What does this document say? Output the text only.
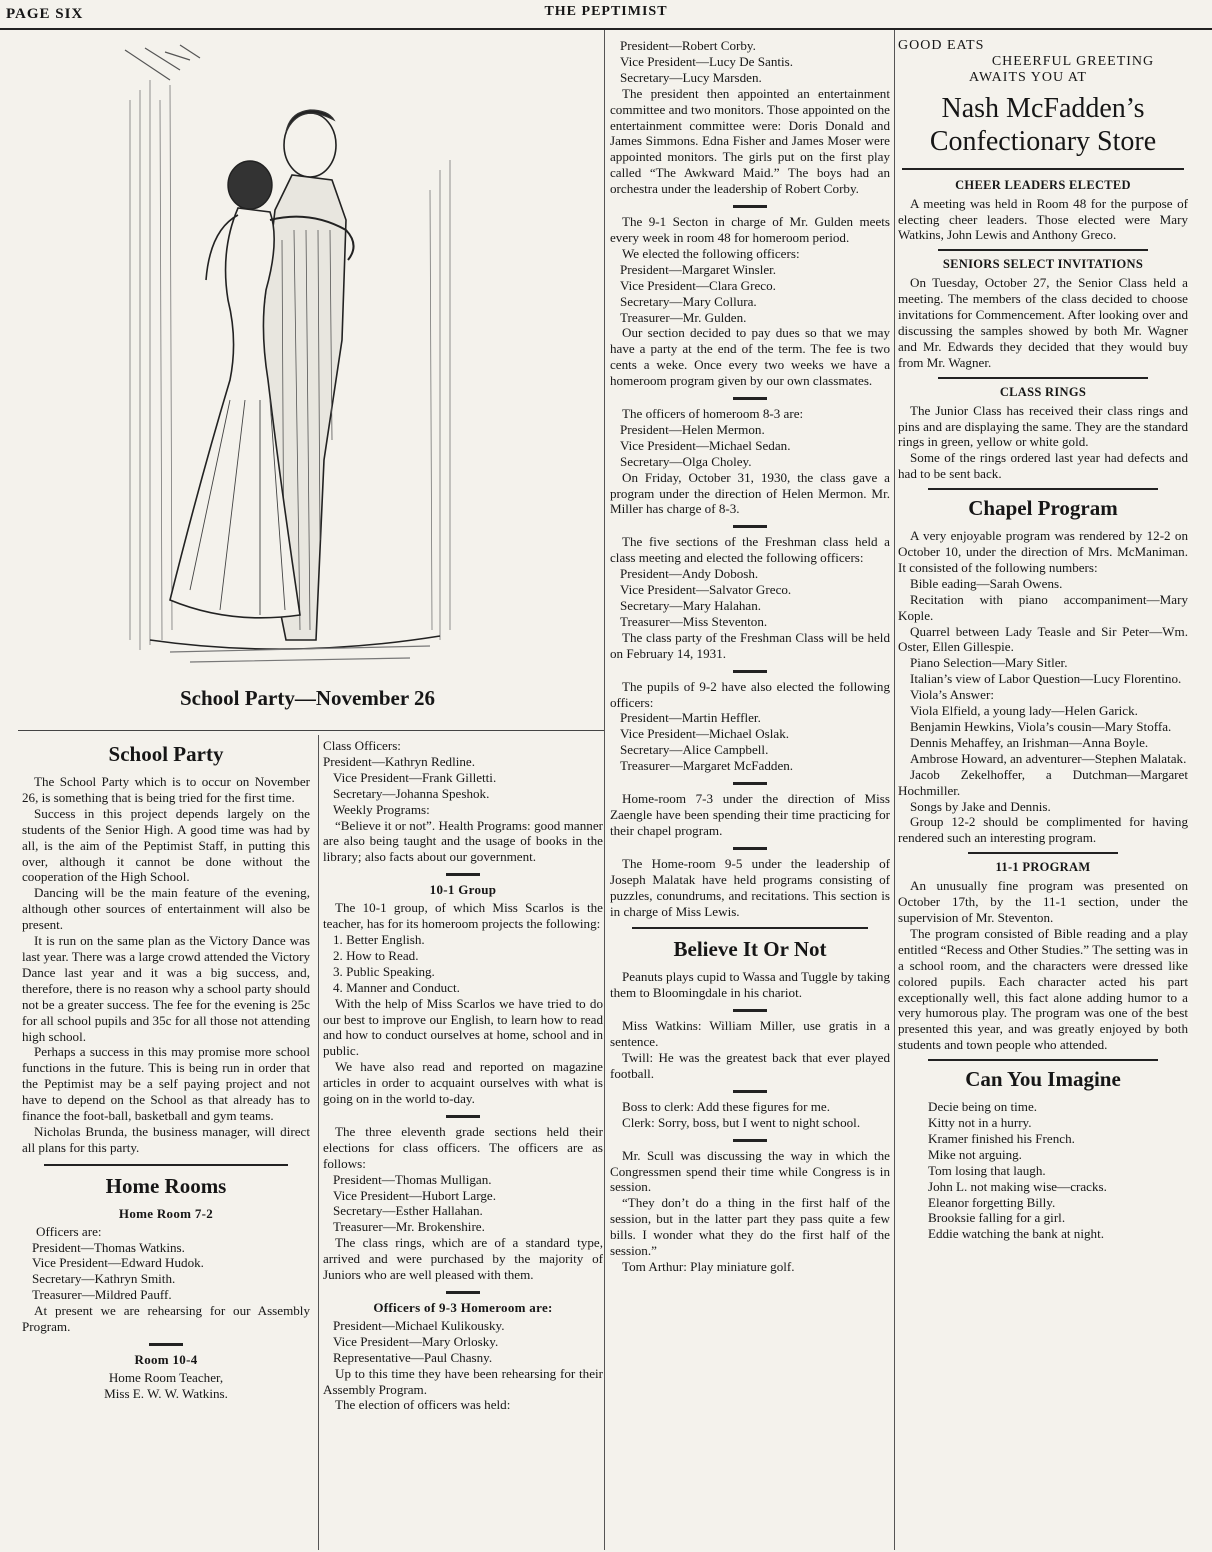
PAGE SIX	THE PEPTIMIST
School Party—November 26
School Party

The School Party which is to occur on November 26, is something that is being tried for the first time.

Success in this project depends largely on the students of the Senior High. A good time was had by all, is the aim of the Peptimist Staff, in putting this over, although it cannot be done without the cooperation of the High School.

Dancing will be the main feature of the evening, although other sources of entertainment will also be present.

It is run on the same plan as the Victory Dance was last year. There was a large crowd attended the Victory Dance last year and it was a big success, and, therefore, there is no reason why a school party should not be a greater success. The fee for the evening is 25c for all school pupils and 35c for all those not attending high school.

Perhaps a success in this may promise more school functions in the future. This is being run in order that the Peptimist may be a self paying project and not have to depend on the School as that already has to finance the foot-ball, basketball and gym teams.

Nicholas Brunda, the business manager, will direct all plans for this party.

Home Rooms
Home Room 7-2

Officers are:

President—Thomas Watkins.

Vice President—Edward Hudok.

Secretary—Kathryn Smith.

Treasurer—Mildred Pauff.

At present we are rehearsing for our Assembly Program.

Room 10-4

Home Room Teacher,

Miss E. W. W. Watkins.

Class Officers:

President—Kathryn Redline.

Vice President—Frank Gilletti.

Secretary—Johanna Speshok.

Weekly Programs:

“Believe it or not”. Health Programs: good manner are also being taught and the usage of books in the library; also facts about our government.

10-1 Group

The 10-1 group, of which Miss Scarlos is the teacher, has for its homeroom projects the following:

1. Better English.

2. How to Read.

3. Public Speaking.

4. Manner and Conduct.

With the help of Miss Scarlos we have tried to do our best to improve our English, to learn how to read and how to conduct ourselves at home, school and in public.

We have also read and reported on magazine articles in order to acquaint ourselves with what is going on in the world to-day.

The three eleventh grade sections held their elections for class officers. The officers are as follows:

President—Thomas Mulligan.

Vice President—Hubort Large.

Secretary—Esther Hallahan.

Treasurer—Mr. Brokenshire.

The class rings, which are of a standard type, arrived and were purchased by the majority of Juniors who are well pleased with them.

Officers of 9-3 Homeroom are:

President—Michael Kulikousky.

Vice President—Mary Orlosky.

Representative—Paul Chasny.

Up to this time they have been rehearsing for their Assembly Program.

The election of officers was held:

President—Robert Corby.

Vice President—Lucy De Santis.

Secretary—Lucy Marsden.

The president then appointed an entertainment committee and two monitors. Those appointed on the entertainment committee were: Doris Donald and James Simmons. Edna Fisher and James Moser were appointed monitors. The girls put on the first play called “The Awkward Maid.” The boys had an orchestra under the leadership of Robert Corby.

The 9-1 Secton in charge of Mr. Gulden meets every week in room 48 for homeroom period.

We elected the following officers:

President—Margaret Winsler.

Vice President—Clara Greco.

Secretary—Mary Collura.

Treasurer—Mr. Gulden.

Our section decided to pay dues so that we may have a party at the end of the term. The fee is two cents a weke. Once every two weeks we have a homeroom program given by our own classmates.

The officers of homeroom 8-3 are:

President—Helen Mermon.

Vice President—Michael Sedan.

Secretary—Olga Choley.

On Friday, October 31, 1930, the class gave a program under the direction of Helen Mermon. Mr. Miller has charge of 8-3.

The five sections of the Freshman class held a class meeting and elected the following officers:

President—Andy Dobosh.

Vice President—Salvator Greco.

Secretary—Mary Halahan.

Treasurer—Miss Steventon.

The class party of the Freshman Class will be held on February 14, 1931.

The pupils of 9-2 have also elected the following officers:

President—Martin Heffler.

Vice President—Michael Oslak.

Secretary—Alice Campbell.

Treasurer—Margaret McFadden.

Home-room 7-3 under the direction of Miss Zaengle have been spending their time practicing for their chapel program.

The Home-room 9-5 under the leadership of Joseph Malatak have held programs consisting of puzzles, conundrums, and recitations. This section is in charge of Miss Lewis.

Believe It Or Not

Peanuts plays cupid to Wassa and Tuggle by taking them to Bloomingdale in his chariot.

Miss Watkins: William Miller, use gratis in a sentence.

Twill: He was the greatest back that ever played football.

Boss to clerk: Add these figures for me.

Clerk: Sorry, boss, but I went to night school.

Mr. Scull was discussing the way in which the Congressmen spend their time while Congress is in session.

“They don’t do a thing in the first half of the session, but in the latter part they pass quite a few bills. I wonder what they do the first half of the session.”

Tom Arthur: Play miniature golf.

GOOD EATS
CHEERFUL GREETING
AWAITS YOU AT
Nash McFadden’s
Confectionary Store
CHEER LEADERS ELECTED

A meeting was held in Room 48 for the purpose of electing cheer leaders. Those elected were Mary Watkins, John Lewis and Anthony Greco.

SENIORS SELECT INVITATIONS

On Tuesday, October 27, the Senior Class held a meeting. The members of the class decided to choose invitations for Commencement. After looking over and discussing the samples showed by both Mr. Wagner and Mr. Edwards they decided that they would buy from Mr. Wagner.

CLASS RINGS

The Junior Class has received their class rings and pins and are displaying the same. They are the standard rings in green, yellow or white gold.

Some of the rings ordered last year had defects and had to be sent back.

Chapel Program

A very enjoyable program was rendered by 12-2 on October 10, under the direction of Mrs. McManiman. It consisted of the following numbers:

Bible eading—Sarah Owens.

Recitation with piano accompaniment—Mary Kople.

Quarrel between Lady Teasle and Sir Peter—Wm. Oster, Ellen Gillespie.

Piano Selection—Mary Sitler.

Italian’s view of Labor Question—Lucy Florentino.

Viola’s Answer:

Viola Elfield, a young lady—Helen Garick.

Benjamin Hewkins, Viola’s cousin—Mary Stoffa.

Dennis Mehaffey, an Irishman—Anna Boyle.

Ambrose Howard, an adventurer—Stephen Malatak.

Jacob Zekelhoffer, a Dutchman—Margaret Hochmiller.

Songs by Jake and Dennis.

Group 12-2 should be complimented for having rendered such an interesting program.

11-1 PROGRAM

An unusually fine program was presented on October 17th, by the 11-1 section, under the supervision of Mr. Steventon.

The program consisted of Bible reading and a play entitled “Recess and Other Studies.” The setting was in a school room, and the characters were dressed like colored pupils. Each character acted his part exceptionally well, this fact alone adding humor to a very humorous play. The program was one of the best presented this year, and was greatly enjoyed by both students and town people who attended.

Can You Imagine

Decie being on time.

Kitty not in a hurry.

Kramer finished his French.

Mike not arguing.

Tom losing that laugh.

John L. not making wise—cracks.

Eleanor forgetting Billy.

Brooksie falling for a girl.

Eddie watching the bank at night.
